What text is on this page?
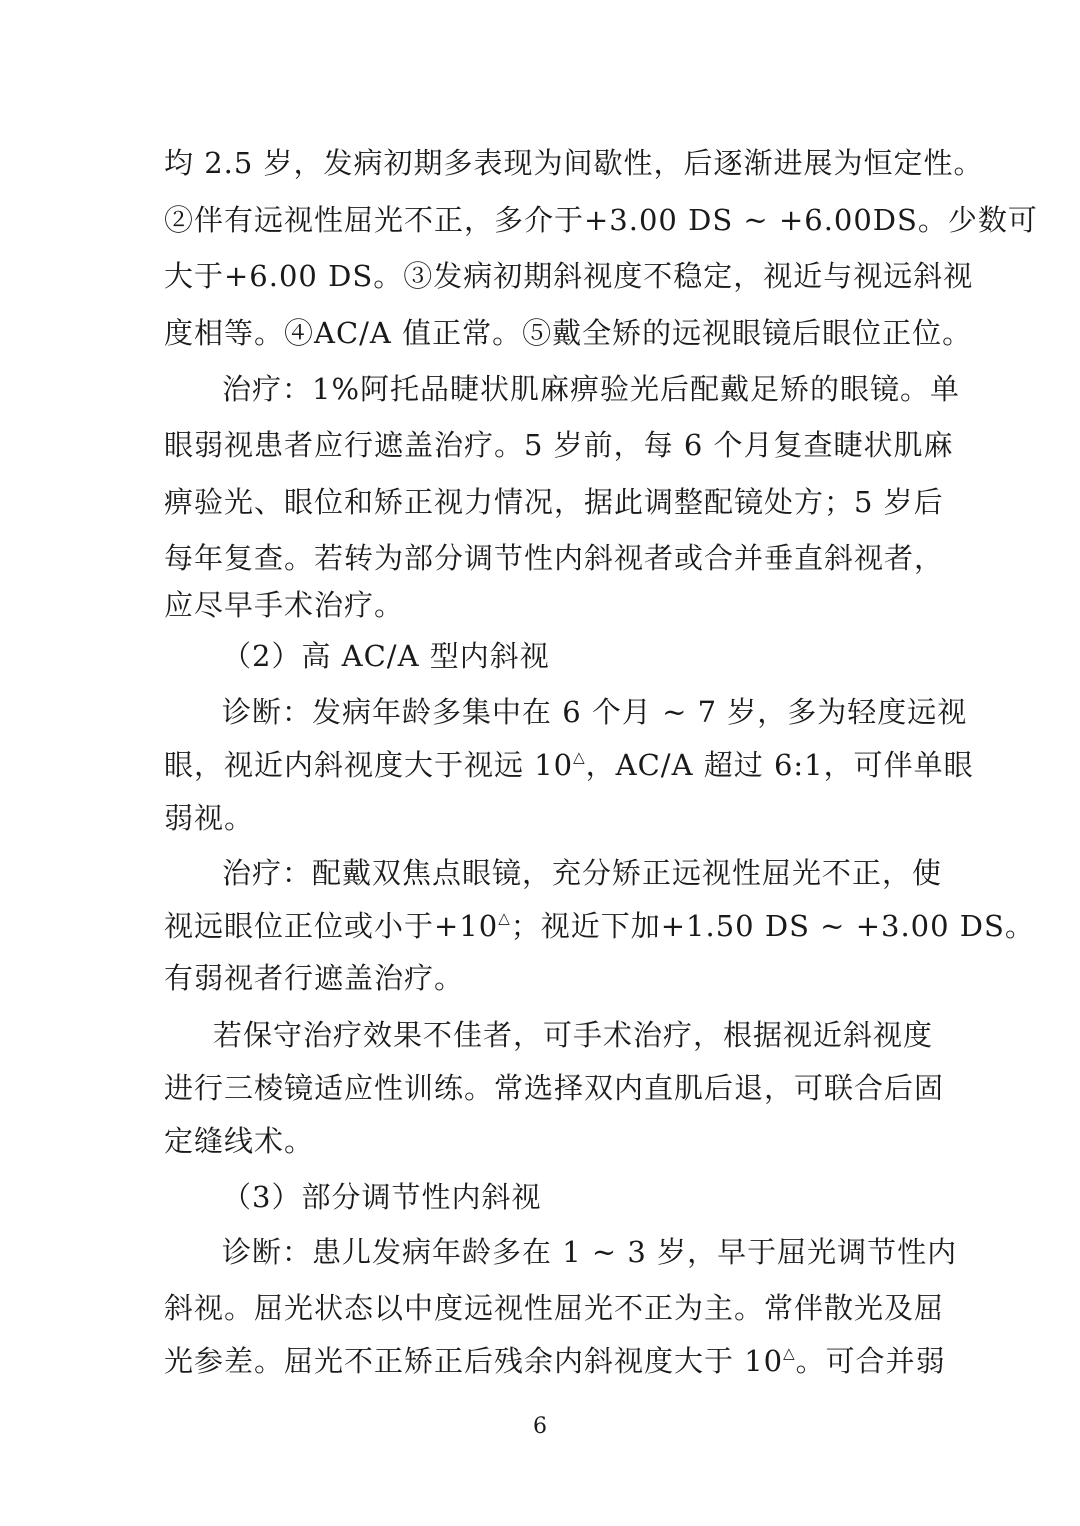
均 2.5 岁，发病初期多表现为间歇性，后逐渐进展为恒定性。
②伴有远视性屈光不正，多介于+3.00 DS ~ +6.00DS。少数可
大于+6.00 DS。③发病初期斜视度不稳定，视近与视远斜视
度相等。④AC/A 值正常。⑤戴全矫的远视眼镜后眼位正位。
治疗：1%阿托品睫状肌麻痹验光后配戴足矫的眼镜。单
眼弱视患者应行遮盖治疗。5 岁前，每 6 个月复查睫状肌麻
痹验光、眼位和矫正视力情况，据此调整配镜处方；5 岁后
每年复查。若转为部分调节性内斜视者或合并垂直斜视者，
应尽早手术治疗。
（2）高 AC/A 型内斜视
诊断：发病年龄多集中在 6 个月 ~ 7 岁，多为轻度远视
眼，视近内斜视度大于视远 10△，AC/A 超过 6:1，可伴单眼
弱视。
治疗：配戴双焦点眼镜，充分矫正远视性屈光不正，使
视远眼位正位或小于+10△；视近下加+1.50 DS ~ +3.00 DS。
有弱视者行遮盖治疗。
若保守治疗效果不佳者，可手术治疗，根据视近斜视度
进行三棱镜适应性训练。常选择双内直肌后退，可联合后固
定缝线术。
（3）部分调节性内斜视
诊断：患儿发病年龄多在 1 ~ 3 岁，早于屈光调节性内
斜视。屈光状态以中度远视性屈光不正为主。常伴散光及屈
光参差。屈光不正矫正后残余内斜视度大于 10△。可合并弱
6
